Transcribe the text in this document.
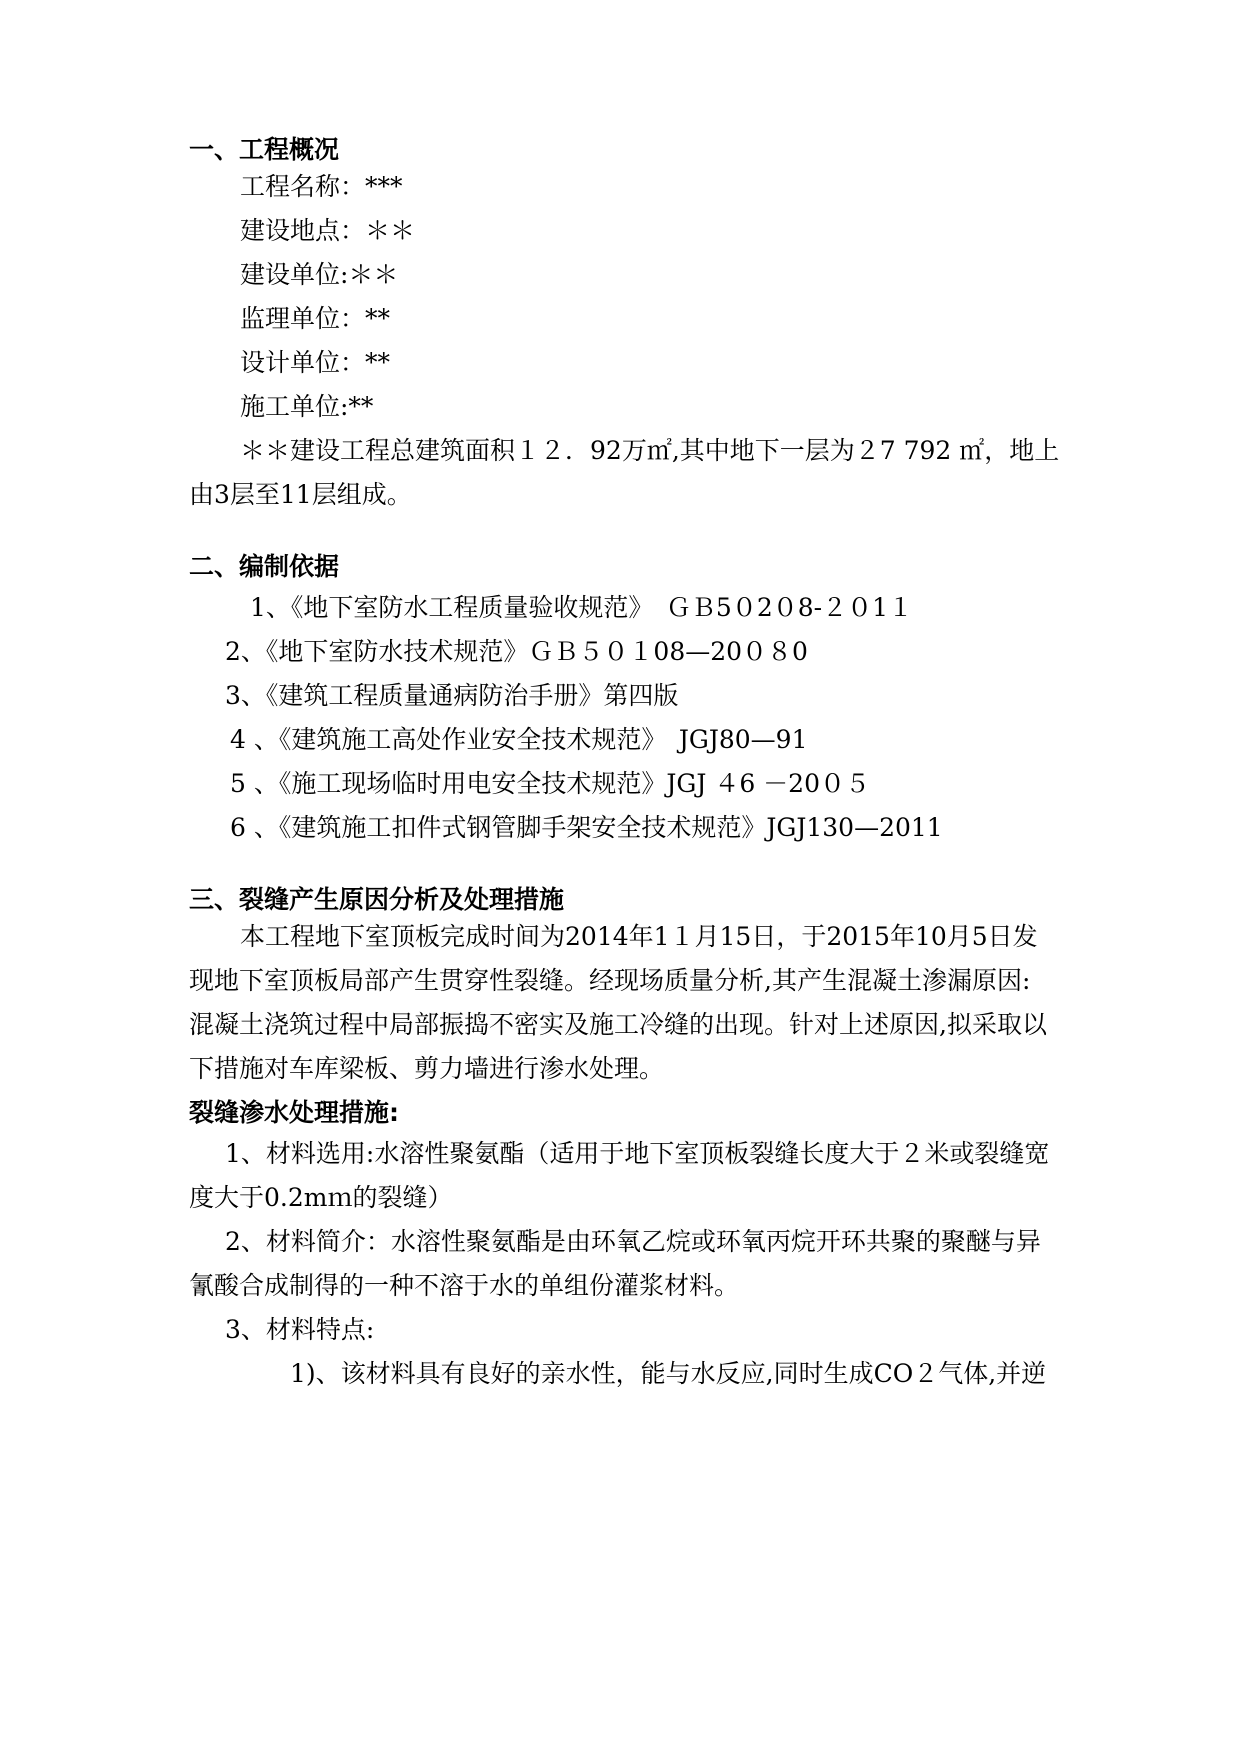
一、工程概况
工程名称：***
建设地点：＊＊
建设单位:＊＊
监理单位：**
设计单位：**
施工单位:**
＊＊建设工程总建筑面积１２．92万㎡,其中地下一层为２7 792 ㎡，地上
由3层至11层组成。
二、编制依据
1、《地下室防水工程质量验收规范》　ＧＢ5０2０8-２０1１
2、《地下室防水技术规范》ＧＢ５０１08—20０８0
3、《建筑工程质量通病防治手册》第四版
4 、《建筑施工高处作业安全技术规范》　JGJ80—91
5 、《施工现场临时用电安全技术规范》JGJ ４6 －20０５
6 、《建筑施工扣件式钢管脚手架安全技术规范》JGJ130—2011
三、裂缝产生原因分析及处理措施
本工程地下室顶板完成时间为2014年1１月15日，于2015年10月5日发
现地下室顶板局部产生贯穿性裂缝。经现场质量分析,其产生混凝土渗漏原因:
混凝土浇筑过程中局部振捣不密实及施工冷缝的出现。针对上述原因,拟采取以
下措施对车库梁板、剪力墙进行渗水处理。
裂缝渗水处理措施:
1、材料选用:水溶性聚氨酯（适用于地下室顶板裂缝长度大于２米或裂缝宽
度大于0.2mｍ的裂缝）
2、材料简介：水溶性聚氨酯是由环氧乙烷或环氧丙烷开环共聚的聚醚与异
氰酸合成制得的一种不溶于水的单组份灌浆材料。
3、材料特点:
1)、该材料具有良好的亲水性，能与水反应,同时生成CO２气体,并逆
